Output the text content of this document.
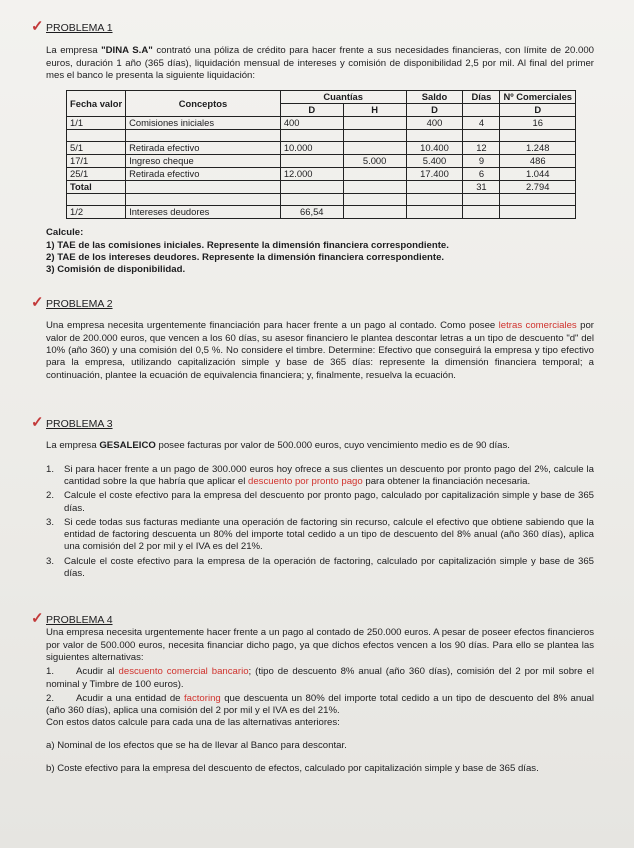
✓ PROBLEMA 1

La empresa "DINA S.A" contrató una póliza de crédito para hacer frente a sus necesidades financieras, con límite de 20.000 euros, duración 1 año (365 días), liquidación mensual de intereses y comisión de disponibilidad 2,5 por mil. Al final del primer mes el banco le presenta la siguiente liquidación:

Fecha valor	Conceptos	Cuantías		Saldo	Días	Nº Comerciales
		D	H	D		D
1/1	Comisiones iniciales	400		400	4	16

5/1	Retirada efectivo	10.000		10.400	12	1.248
17/1	Ingreso cheque		5.000	5.400	9	486
25/1	Retirada efectivo	12.000		17.400	6	1.044
Total					31	2.794

1/2	Intereses deudores	66,54				

Calcule:

1) TAE de las comisiones iniciales. Represente la dimensión financiera correspondiente.

2) TAE de los intereses deudores. Represente la dimensión financiera correspondiente.

3) Comisión de disponibilidad.

✓ PROBLEMA 2

Una empresa necesita urgentemente financiación para hacer frente a un pago al contado. Como posee letras comerciales por valor de 200.000 euros, que vencen a los 60 días, su asesor financiero le plantea descontar letras a un tipo de descuento "d" del 10% (año 360) y una comisión del 0,5 %. No considere el timbre. Determine: Efectivo que conseguirá la empresa y tipo efectivo para la empresa, utilizando capitalización simple y base de 365 días: represente la dimensión financiera temporal; a continuación, plantee la ecuación de equivalencia financiera; y, finalmente, resuelva la ecuación.

✓ PROBLEMA 3

La empresa GESALEICO posee facturas por valor de 500.000 euros, cuyo vencimiento medio es de 90 días.

1.	Si para hacer frente a un pago de 300.000 euros hoy ofrece a sus clientes un descuento por pronto pago del 2%, calcule la cantidad sobre la que habría que aplicar el descuento por pronto pago para obtener la financiación necesaria.
2.	Calcule el coste efectivo para la empresa del descuento por pronto pago, calculado por capitalización simple y base de 365 días.
3.	Si cede todas sus facturas mediante una operación de factoring sin recurso, calcule el efectivo que obtiene sabiendo que la entidad de factoring descuenta un 80% del importe total cedido a un tipo de descuento del 8% anual (año 360 días), aplica una comisión del 2 por mil y el IVA es del 21%.
3.	Calcule el coste efectivo para la empresa de la operación de factoring, calculado por capitalización simple y base de 365 días.
✓ PROBLEMA 4

Una empresa necesita urgentemente hacer frente a un pago al contado de 250.000 euros. A pesar de poseer efectos financieros por valor de 500.000 euros, necesita financiar dicho pago, ya que dichos efectos vencen a los 90 días. Para ello se plantea las siguientes alternativas:

1. Acudir al descuento comercial bancario; (tipo de descuento 8% anual (año 360 días), comisión del 2 por mil sobre el nominal y Timbre de 100 euros).

2. Acudir a una entidad de factoring que descuenta un 80% del importe total cedido a un tipo de descuento del 8% anual (año 360 días), aplica una comisión del 2 por mil y el IVA es del 21%.

Con estos datos calcule para cada una de las alternativas anteriores:

a) Nominal de los efectos que se ha de llevar al Banco para descontar.

b) Coste efectivo para la empresa del descuento de efectos, calculado por capitalización simple y base de 365 días.
